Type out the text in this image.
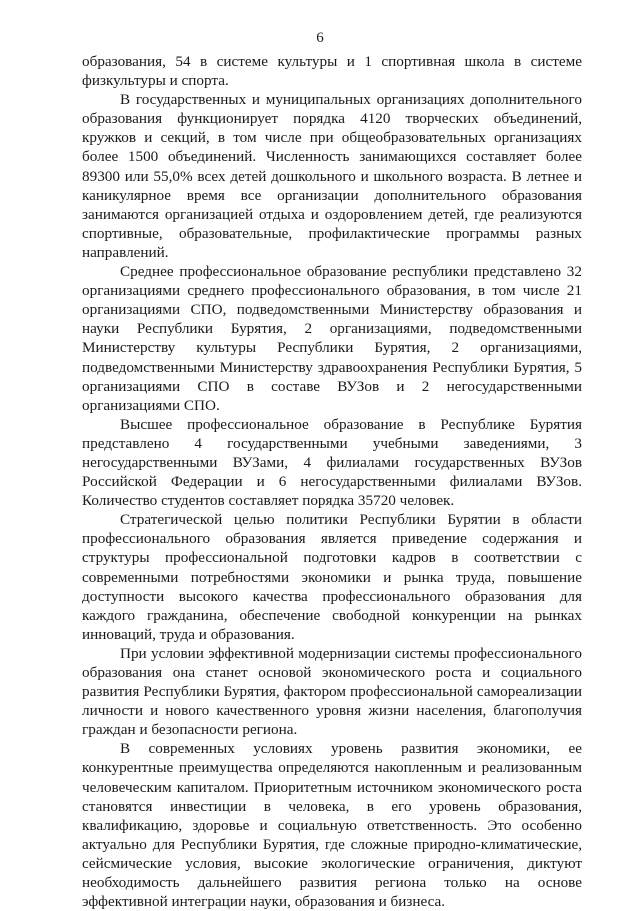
6

образования, 54 в системе культуры и 1 спортивная школа в системе физкультуры и спорта.

В государственных и муниципальных организациях дополнительного образования функционирует порядка 4120 творческих объединений, кружков и секций, в том числе при общеобразовательных организациях более 1500 объединений. Численность занимающихся составляет более 89300 или 55,0% всех детей дошкольного и школьного возраста. В летнее и каникулярное время все организации дополнительного образования занимаются организацией отдыха и оздоровлением детей, где реализуются спортивные, образовательные, профилактические программы разных направлений.

Среднее профессиональное образование республики представлено 32 организациями среднего профессионального образования, в том числе 21 организациями СПО, подведомственными Министерству образования и науки Республики Бурятия, 2 организациями, подведомственными Министерству культуры Республики Бурятия, 2 организациями, подведомственными Министерству здравоохранения Республики Бурятия, 5 организациями СПО в составе ВУЗов и 2 негосударственными организациями СПО.

Высшее профессиональное образование в Республике Бурятия представлено 4 государственными учебными заведениями, 3 негосударственными ВУЗами, 4 филиалами государственных ВУЗов Российской Федерации и 6 негосударственными филиалами ВУЗов. Количество студентов составляет порядка 35720 человек.

Стратегической целью политики Республики Бурятии в области профессионального образования является приведение содержания и структуры профессиональной подготовки кадров в соответствии с современными потребностями экономики и рынка труда, повышение доступности высокого качества профессионального образования для каждого гражданина, обеспечение свободной конкуренции на рынках инноваций, труда и образования.

При условии эффективной модернизации системы профессионального образования она станет основой экономического роста и социального развития Республики Бурятия, фактором профессиональной самореализации личности и нового качественного уровня жизни населения, благополучия граждан и безопасности региона.

В современных условиях уровень развития экономики, ее конкурентные преимущества определяются накопленным и реализованным человеческим капиталом. Приоритетным источником экономического роста становятся инвестиции в человека, в его уровень образования, квалификацию, здоровье и социальную ответственность. Это особенно актуально для Республики Бурятия, где сложные природно-климатические, сейсмические условия, высокие экологические ограничения, диктуют необходимость дальнейшего развития региона только на основе эффективной интеграции науки, образования и бизнеса.
